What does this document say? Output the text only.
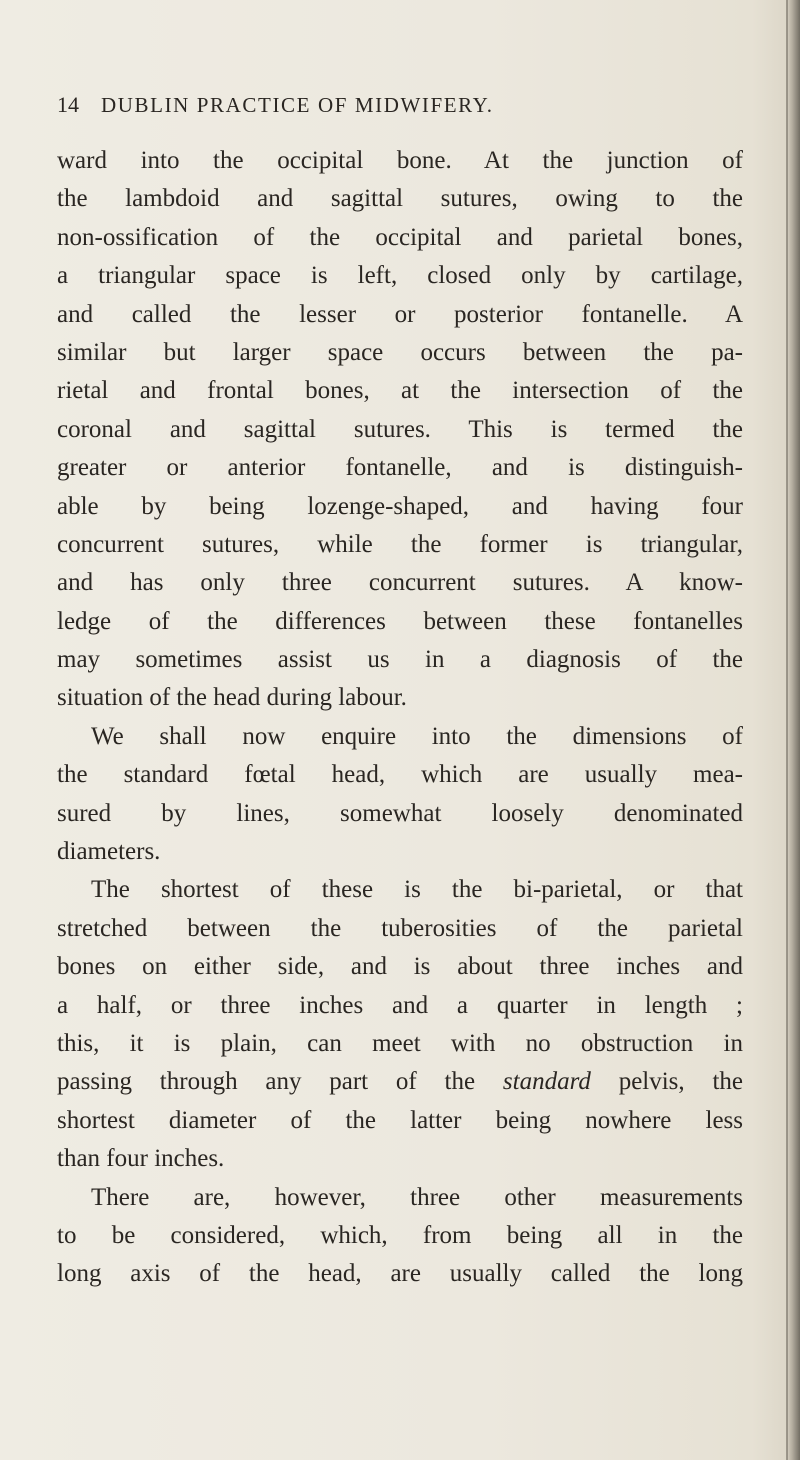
14 DUBLIN PRACTICE OF MIDWIFERY.
ward into the occipital bone. At the junction of
the lambdoid and sagittal sutures, owing to the
non-ossification of the occipital and parietal bones,
a triangular space is left, closed only by cartilage,
and called the lesser or posterior fontanelle. A
similar but larger space occurs between the pa-
rietal and frontal bones, at the intersection of the
coronal and sagittal sutures. This is termed the
greater or anterior fontanelle, and is distinguish-
able by being lozenge-shaped, and having four
concurrent sutures, while the former is triangular,
and has only three concurrent sutures. A know-
ledge of the differences between these fontanelles
may sometimes assist us in a diagnosis of the
situation of the head during labour.
We shall now enquire into the dimensions of
the standard fœtal head, which are usually mea-
sured by lines, somewhat loosely denominated
diameters.
The shortest of these is the bi-parietal, or that
stretched between the tuberosities of the parietal
bones on either side, and is about three inches and
a half, or three inches and a quarter in length ;
this, it is plain, can meet with no obstruction in
passing through any part of the standard pelvis, the
shortest diameter of the latter being nowhere less
than four inches.
There are, however, three other measurements
to be considered, which, from being all in the
long axis of the head, are usually called the long
